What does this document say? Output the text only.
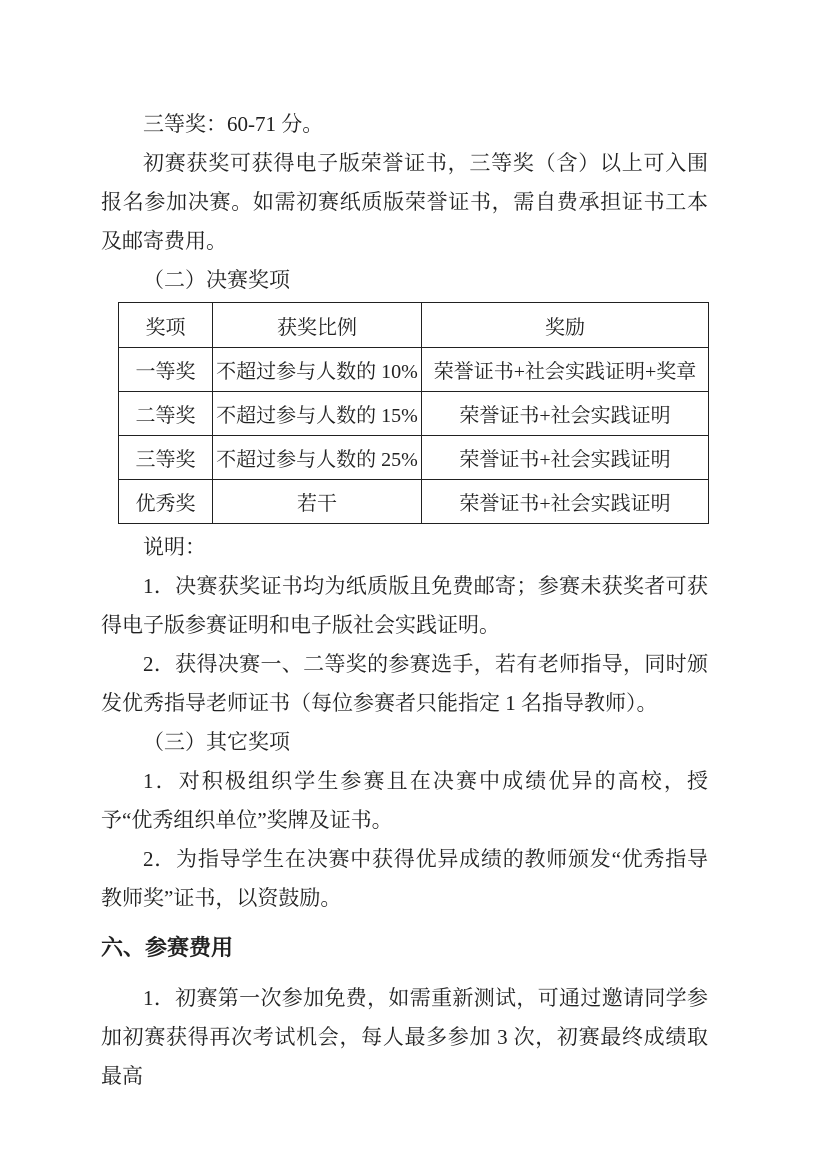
三等奖：60-71 分。

初赛获奖可获得电子版荣誉证书，三等奖（含）以上可入围报名参加决赛。如需初赛纸质版荣誉证书，需自费承担证书工本及邮寄费用。

（二）决赛奖项

奖项	获奖比例	奖励
一等奖	不超过参与人数的 10%	荣誉证书+社会实践证明+奖章
二等奖	不超过参与人数的 15%	荣誉证书+社会实践证明
三等奖	不超过参与人数的 25%	荣誉证书+社会实践证明
优秀奖	若干	荣誉证书+社会实践证明

说明：

1．决赛获奖证书均为纸质版且免费邮寄；参赛未获奖者可获得电子版参赛证明和电子版社会实践证明。

2．获得决赛一、二等奖的参赛选手，若有老师指导，同时颁发优秀指导老师证书（每位参赛者只能指定 1 名指导教师）。

（三）其它奖项

1．对积极组织学生参赛且在决赛中成绩优异的高校，授予“优秀组织单位”奖牌及证书。

2．为指导学生在决赛中获得优异成绩的教师颁发“优秀指导教师奖”证书，以资鼓励。

六、参赛费用

1．初赛第一次参加免费，如需重新测试，可通过邀请同学参加初赛获得再次考试机会，每人最多参加 3 次，初赛最终成绩取最高
